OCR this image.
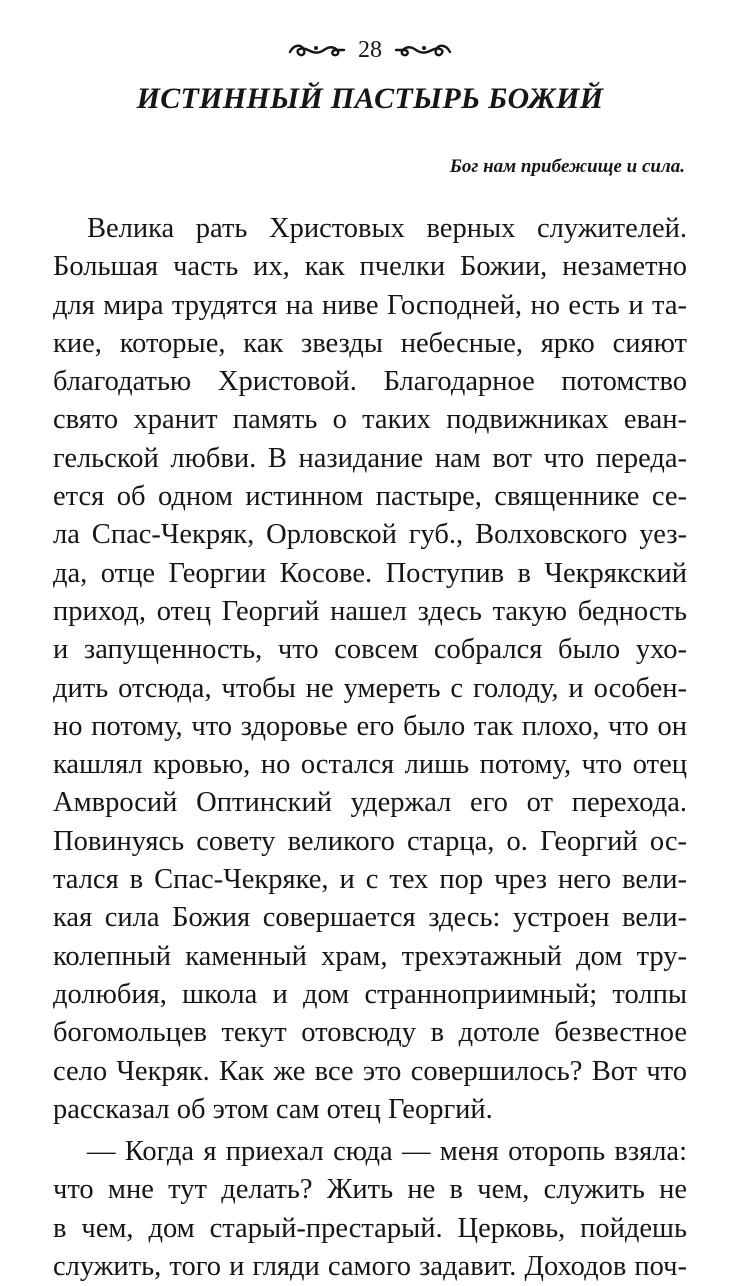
28
ИСТИННЫЙ ПАСТЫРЬ БОЖИЙ
Бог нам прибежище и сила.
Велика рать Христовых верных служителей.
Большая часть их, как пчелки Божии, незаметно
для мира трудятся на ниве Господней, но есть и та-
кие, которые, как звезды небесные, ярко сияют
благодатью Христовой. Благодарное потомство
свято хранит память о таких подвижниках еван-
гельской любви. В назидание нам вот что переда-
ется об одном истинном пастыре, священнике се-
ла Спас-Чекряк, Орловской губ., Волховского уез-
да, отце Георгии Косове. Поступив в Чекрякский
приход, отец Георгий нашел здесь такую бедность
и запущенность, что совсем собрался было ухо-
дить отсюда, чтобы не умереть с голоду, и особен-
но потому, что здоровье его было так плохо, что он
кашлял кровью, но остался лишь потому, что отец
Амвросий Оптинский удержал его от перехода.
Повинуясь совету великого старца, о. Георгий ос-
тался в Спас-Чекряке, и с тех пор чрез него вели-
кая сила Божия совершается здесь: устроен вели-
колепный каменный храм, трехэтажный дом тру-
долюбия, школа и дом странноприимный; толпы
богомольцев текут отовсюду в дотоле безвестное
село Чекряк. Как же все это совершилось? Вот что
рассказал об этом сам отец Георгий.
— Когда я приехал сюда — меня оторопь взяла:
что мне тут делать? Жить не в чем, служить не
в чем, дом старый-престарый. Церковь, пойдешь
служить, того и гляди самого задавит. Доходов поч-
